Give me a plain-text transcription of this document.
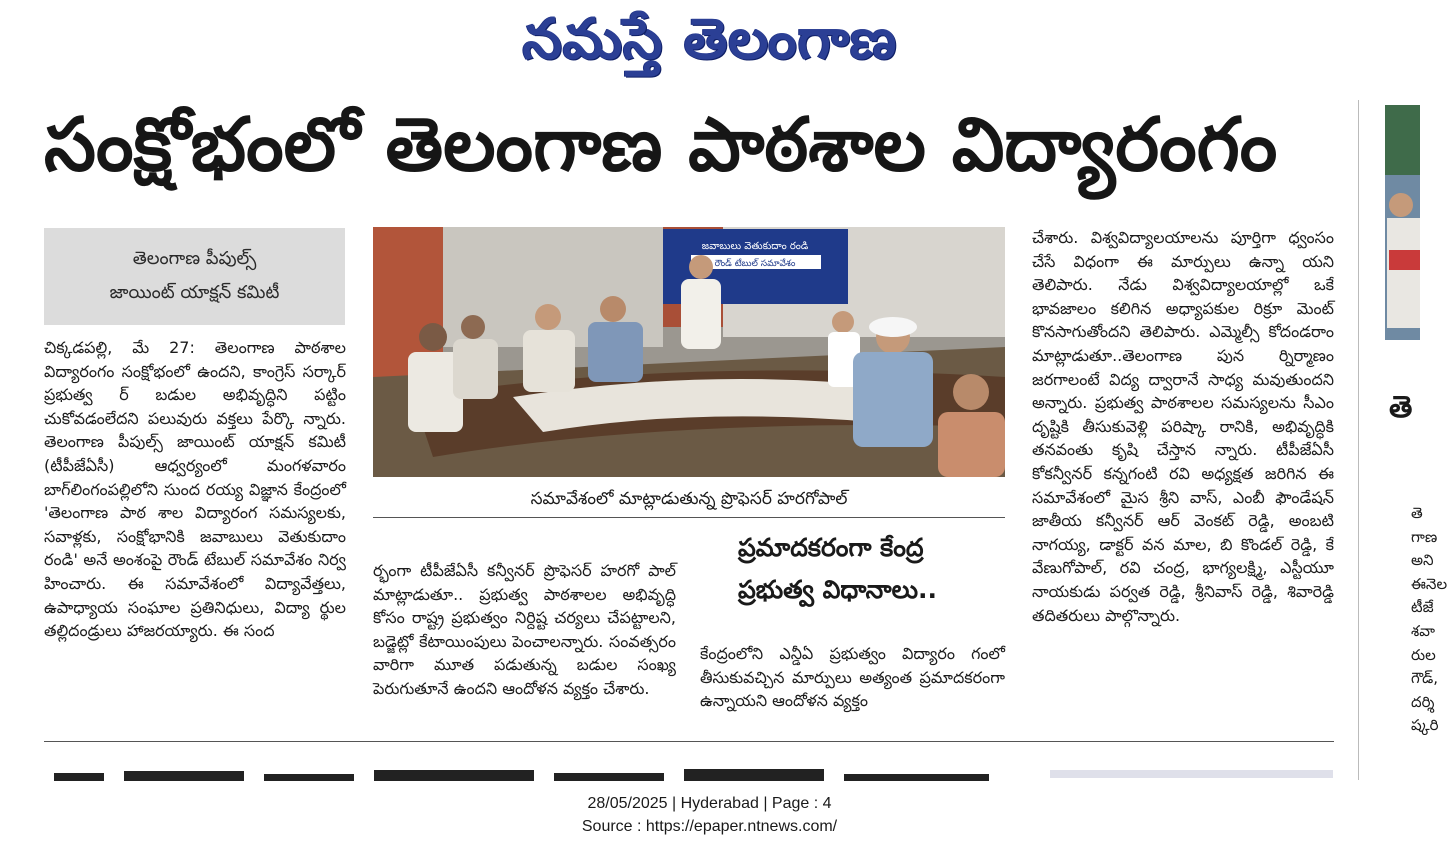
నమస్తే తెలంగాణ
సంక్షోభంలో తెలంగాణ పాఠశాల విద్యారంగం
తెలంగాణ పీపుల్స్
జాయింట్ యాక్షన్ కమిటీ
చిక్కడపల్లి, మే 27: తెలంగాణ పాఠశాల విద్యారంగం సంక్షోభంలో ఉందని, కాంగ్రెస్ సర్కార్ ప్రభుత్వ ర్ బడుల అభివృద్ధిని పట్టిం చుకోవడంలేదని పలువురు వక్తలు పేర్కొ న్నారు. తెలంగాణ పీపుల్స్ జాయింట్ యాక్షన్ కమిటీ (టీపీజేఏసీ) ఆధ్వర్యంలో మంగళవారం బాగ్‌లింగంపల్లిలోని సుంద రయ్య విజ్ఞాన కేంద్రంలో 'తెలంగాణ పాఠ శాల విద్యారంగ సమస్యలకు, సవాళ్లకు, సంక్షోభానికి జవాబులు వెతుకుదాం రండి' అనే అంశంపై రౌండ్ టేబుల్ సమావేశం నిర్వ హించారు. ఈ సమావేశంలో విద్యావేత్తలు, ఉపాధ్యాయ సంఘాల ప్రతినిధులు, విద్యా ర్థుల తల్లిదండ్రులు హాజరయ్యారు. ఈ సంద
జవాబులు వెతుకుదాం రండి
రౌండ్ టేబుల్ సమావేశం
సమావేశంలో మాట్లాడుతున్న ప్రొఫెసర్ హరగోపాల్
ర్భంగా టీపీజేఏసీ కన్వీనర్ ప్రొఫెసర్ హరగో పాల్ మాట్లాడుతూ.. ప్రభుత్వ పాఠశాలల అభివృద్ధి కోసం రాష్ట్ర ప్రభుత్వం నిర్దిష్ట చర్యలు చేపట్టాలని, బడ్జెట్లో కేటాయింపులు పెంచాలన్నారు. సంవత్సరం వారిగా మూత పడుతున్న బడుల సంఖ్య పెరుగుతూనే ఉందని ఆందోళన వ్యక్తం చేశారు.
ప్రమాదకరంగా కేంద్ర
ప్రభుత్వ విధానాలు..
కేంద్రంలోని ఎన్డీఏ ప్రభుత్వం విద్యారం గంలో తీసుకువచ్చిన మార్పులు అత్యంత ప్రమాదకరంగా ఉన్నాయని ఆందోళన వ్యక్తం
చేశారు. విశ్వవిద్యాలయాలను పూర్తిగా ధ్వంసం చేసే విధంగా ఈ మార్పులు ఉన్నా యని తెలిపారు. నేడు విశ్వవిద్యాలయాల్లో ఒకే భావజాలం కలిగిన అధ్యాపకుల రిక్రూ మెంట్ కొనసాగుతోందని తెలిపారు. ఎమ్మెల్సీ కోదండరాం మాట్లాడుతూ..తెలంగాణ పున ర్నిర్మాణం జరగాలంటే విద్య ద్వారానే సాధ్య మవుతుందని అన్నారు. ప్రభుత్వ పాఠశాలల సమస్యలను సీఎం దృష్టికి తీసుకువెళ్లి పరిష్కా రానికి, అభివృద్ధికి తనవంతు కృషి చేస్తాన న్నారు. టీపీజేఏసీ కోకన్వీనర్ కన్నగంటి రవి అధ్యక్షత జరిగిన ఈ సమావేశంలో మైస శ్రీని వాస్, ఎంబీ ఫౌండేషన్ జాతీయ కన్వీనర్ ఆర్ వెంకట్ రెడ్డి, అంబటి నాగయ్య, డాక్టర్ వన మాల, బి కొండల్ రెడ్డి, కే వేణుగోపాల్, రవి చంద్ర, భాగ్యలక్ష్మి, ఎస్టీయూ నాయకుడు పర్వత రెడ్డి, శ్రీనివాస్ రెడ్డి, శివారెడ్డి తదితరులు పాల్గొన్నారు.
తె
తె
గాణ
అని
ఈనెల
టీజే
శవా
రుల
గౌడ్,
దర్శి
ష్కరి
28/05/2025 | Hyderabad | Page : 4
Source : https://epaper.ntnews.com/
